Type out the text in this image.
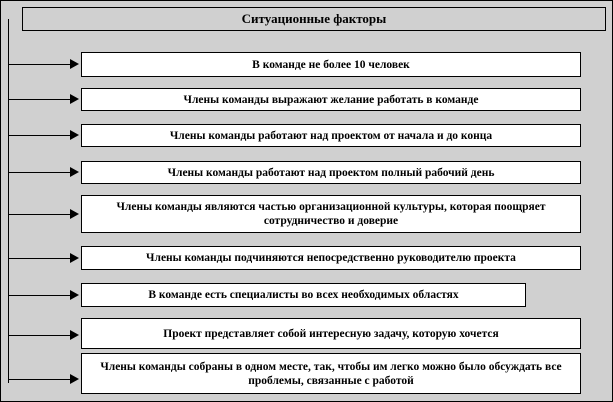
Ситуационные факторы
В команде не более 10 человек
Члены команды выражают желание работать в команде
Члены команды работают над проектом от начала и до конца
Члены команды работают над проектом полный рабочий день
Члены команды являются частью организационной культуры, которая поощряет сотрудничество и доверие
Члены команды подчиняются непосредственно руководителю проекта
В команде есть специалисты во всех необходимых областях
Проект представляет собой интересную задачу, которую хочется
Члены команды собраны в одном месте, так, чтобы им легко можно было обсуждать все проблемы, связанные с работой
